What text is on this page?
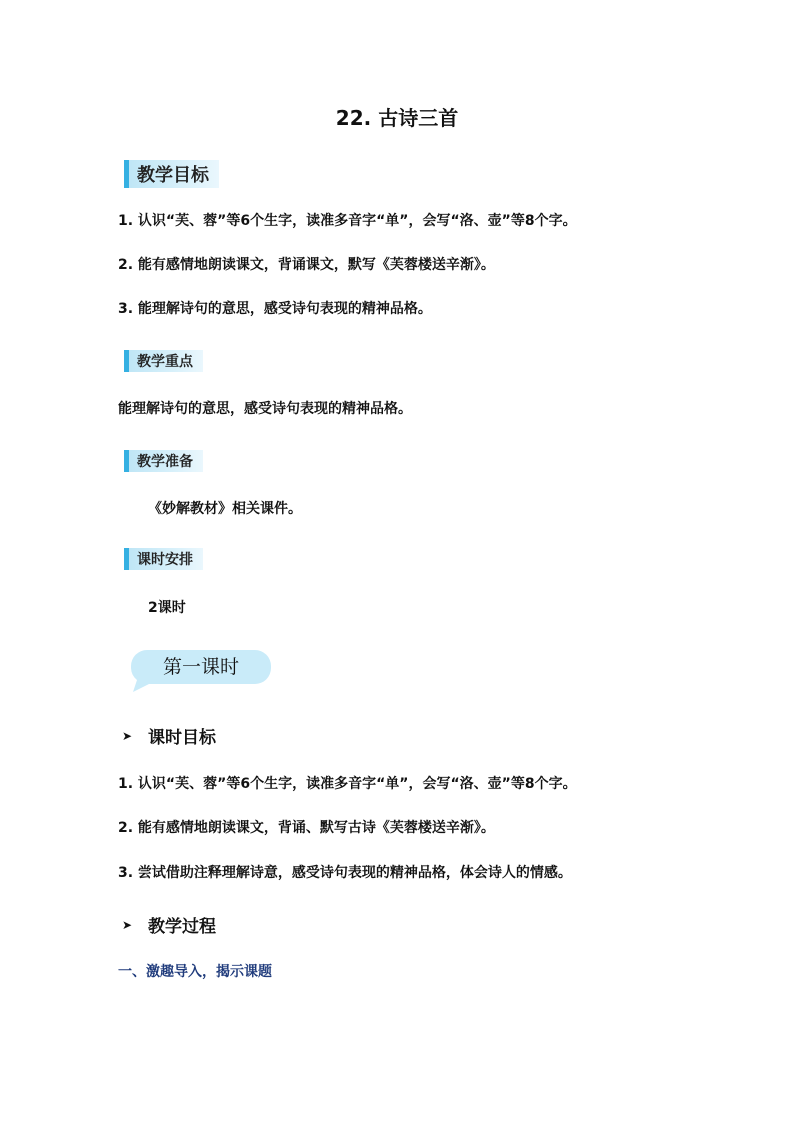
22. 古诗三首
教学目标
1. 认识“芙、蓉”等6个生字，读准多音字“单”，会写“洛、壶”等8个字。
2. 能有感情地朗读课文，背诵课文，默写《芙蓉楼送辛渐》。
3. 能理解诗句的意思，感受诗句表现的精神品格。
教学重点
能理解诗句的意思，感受诗句表现的精神品格。
教学准备
《妙解教材》相关课件。
课时安排
2课时
第一课时
➤ 课时目标
1. 认识“芙、蓉”等6个生字，读准多音字“单”，会写“洛、壶”等8个字。
2. 能有感情地朗读课文，背诵、默写古诗《芙蓉楼送辛渐》。
3. 尝试借助注释理解诗意，感受诗句表现的精神品格，体会诗人的情感。
➤ 教学过程
一、激趣导入，揭示课题
